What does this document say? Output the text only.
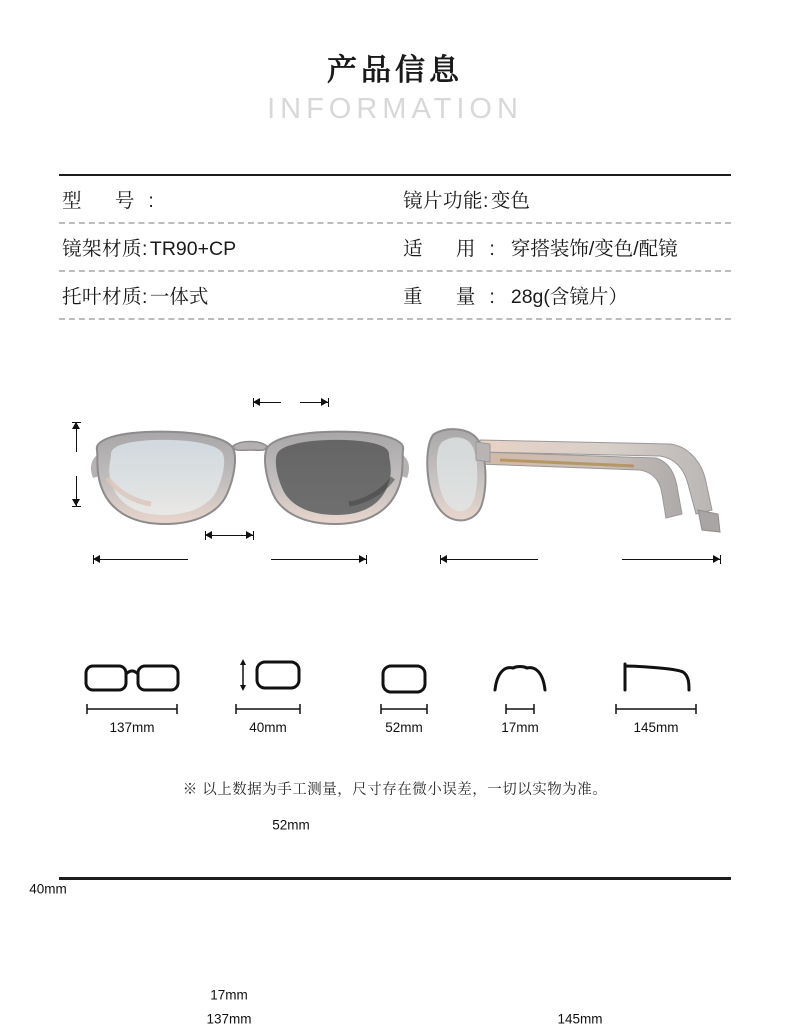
产品信息
INFORMATION
型 号:	镜片功能: 变色
镜架材质: TR90+CP	适 用: 穿搭装饰/变色/配镜
托叶材质: 一体式	重 量: 28g(含镜片）
52mm
40mm
17mm
137mm	145mm
137mm	40mm	52mm	17mm	145mm
※ 以上数据为手工测量，尺寸存在微小误差，一切以实物为准。
